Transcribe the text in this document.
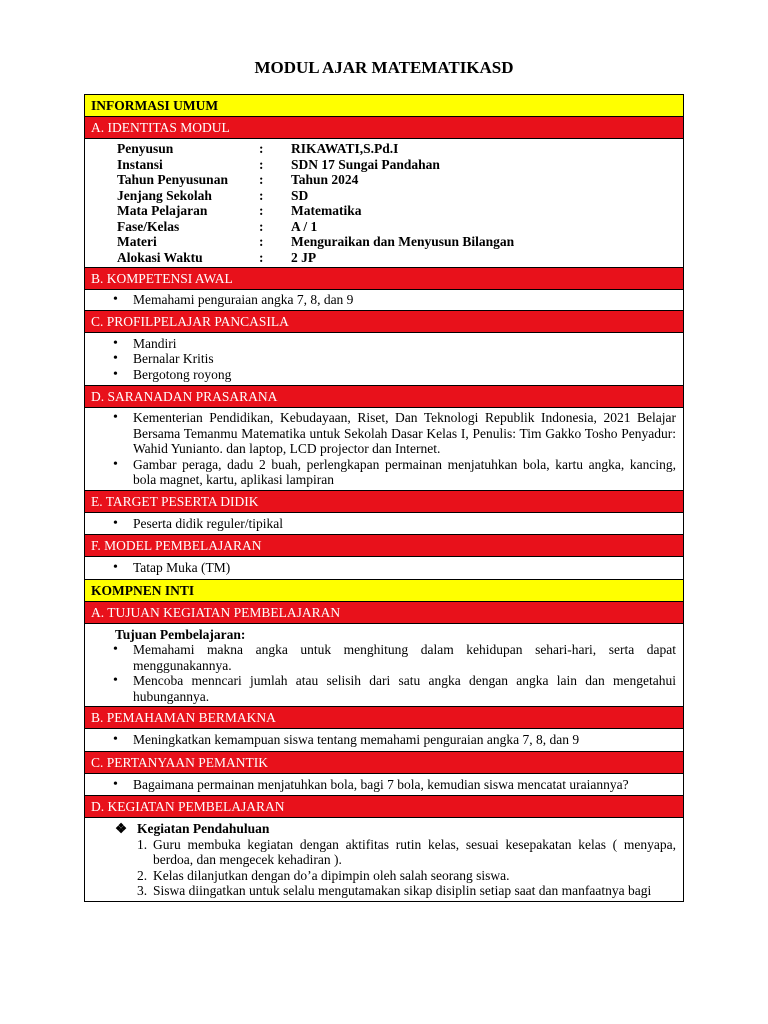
MODUL AJAR MATEMATIKASD
INFORMASI UMUM
A. IDENTITAS MODUL
Penyusun	:	RIKAWATI,S.Pd.I
Instansi	:	SDN 17 Sungai Pandahan
Tahun Penyusunan	:	Tahun 2024
Jenjang Sekolah	:	SD
Mata Pelajaran	:	Matematika
Fase/Kelas	:	A / 1
Materi	:	Menguraikan dan Menyusun Bilangan
Alokasi Waktu	:	2 JP
B. KOMPETENSI AWAL
• Memahami penguraian angka 7, 8, dan 9
C. PROFILPELAJAR PANCASILA
• Mandiri
• Bernalar Kritis
• Bergotong royong
D. SARANADAN PRASARANA
• Kementerian Pendidikan, Kebudayaan, Riset, Dan Teknologi Republik Indonesia, 2021 Belajar Bersama Temanmu Matematika untuk Sekolah Dasar Kelas I, Penulis: Tim Gakko Tosho Penyadur: Wahid Yunianto. dan laptop, LCD projector dan Internet.
• Gambar peraga, dadu 2 buah, perlengkapan permainan menjatuhkan bola, kartu angka, kancing, bola magnet, kartu, aplikasi lampiran
E. TARGET PESERTA DIDIK
• Peserta didik reguler/tipikal
F. MODEL PEMBELAJARAN
• Tatap Muka (TM)
KOMPNEN INTI
A. TUJUAN KEGIATAN PEMBELAJARAN
Tujuan Pembelajaran:
• Memahami makna angka untuk menghitung dalam kehidupan sehari-hari, serta dapat menggunakannya.
• Mencoba menncari jumlah atau selisih dari satu angka dengan angka lain dan mengetahui hubungannya.
B. PEMAHAMAN BERMAKNA
• Meningkatkan kemampuan siswa tentang memahami penguraian angka 7, 8, dan 9
C. PERTANYAAN PEMANTIK
• Bagaimana permainan menjatuhkan bola, bagi 7 bola, kemudian siswa mencatat uraiannya?
D. KEGIATAN PEMBELAJARAN
❖ Kegiatan Pendahuluan
1. Guru membuka kegiatan dengan aktifitas rutin kelas, sesuai kesepakatan kelas ( menyapa, berdoa, dan mengecek kehadiran ).
2. Kelas dilanjutkan dengan do’a dipimpin oleh salah seorang siswa.
3. Siswa diingatkan untuk selalu mengutamakan sikap disiplin setiap saat dan manfaatnya bagi
